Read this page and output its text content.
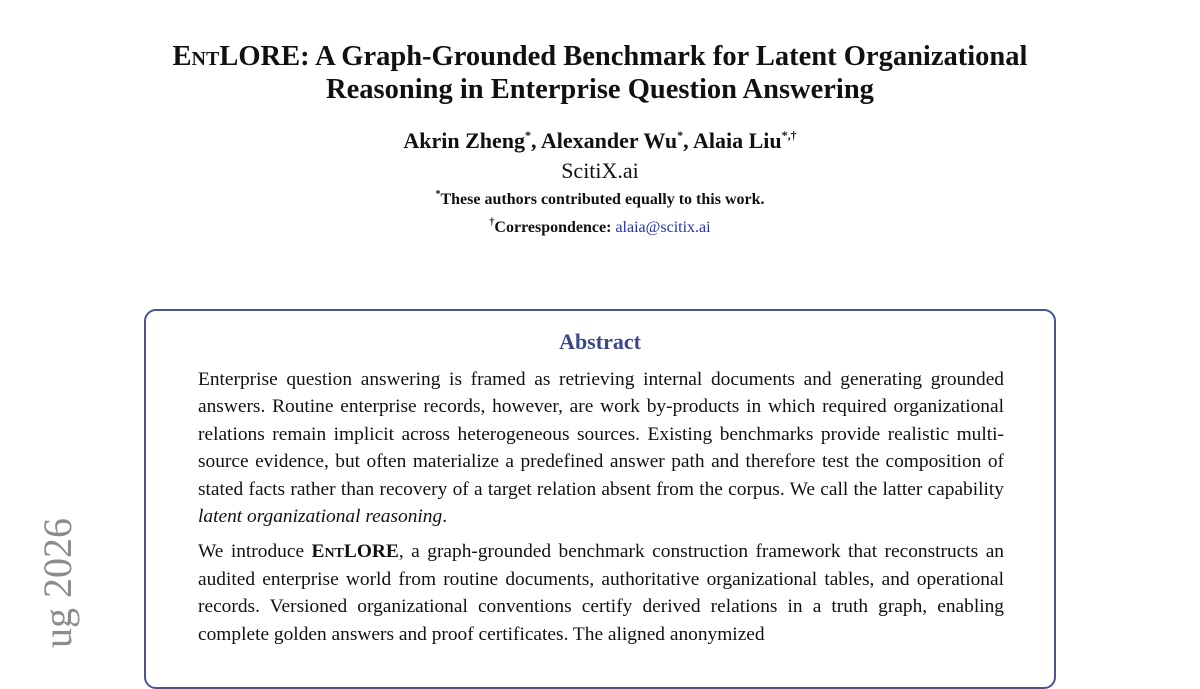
EntLORE: A Graph-Grounded Benchmark for Latent Organizational
Reasoning in Enterprise Question Answering
Akrin Zheng*, Alexander Wu*, Alaia Liu*,†
ScitiX.ai
*These authors contributed equally to this work.
†Correspondence: alaia@scitix.ai
Abstract

Enterprise question answering is framed as retrieving internal documents and generating grounded answers. Routine enterprise records, however, are work by-products in which required organizational relations remain implicit across heterogeneous sources. Existing benchmarks provide realistic multi-source evidence, but often materialize a predefined answer path and therefore test the composition of stated facts rather than recovery of a target relation absent from the corpus. We call the latter capability latent organizational reasoning.

We introduce EntLORE, a graph-grounded benchmark construction framework that reconstructs an audited enterprise world from routine documents, authoritative organizational tables, and operational records. Versioned organizational conventions certify derived relations in a truth graph, enabling complete golden answers and proof certificates. The aligned anonymized

ug 2026
